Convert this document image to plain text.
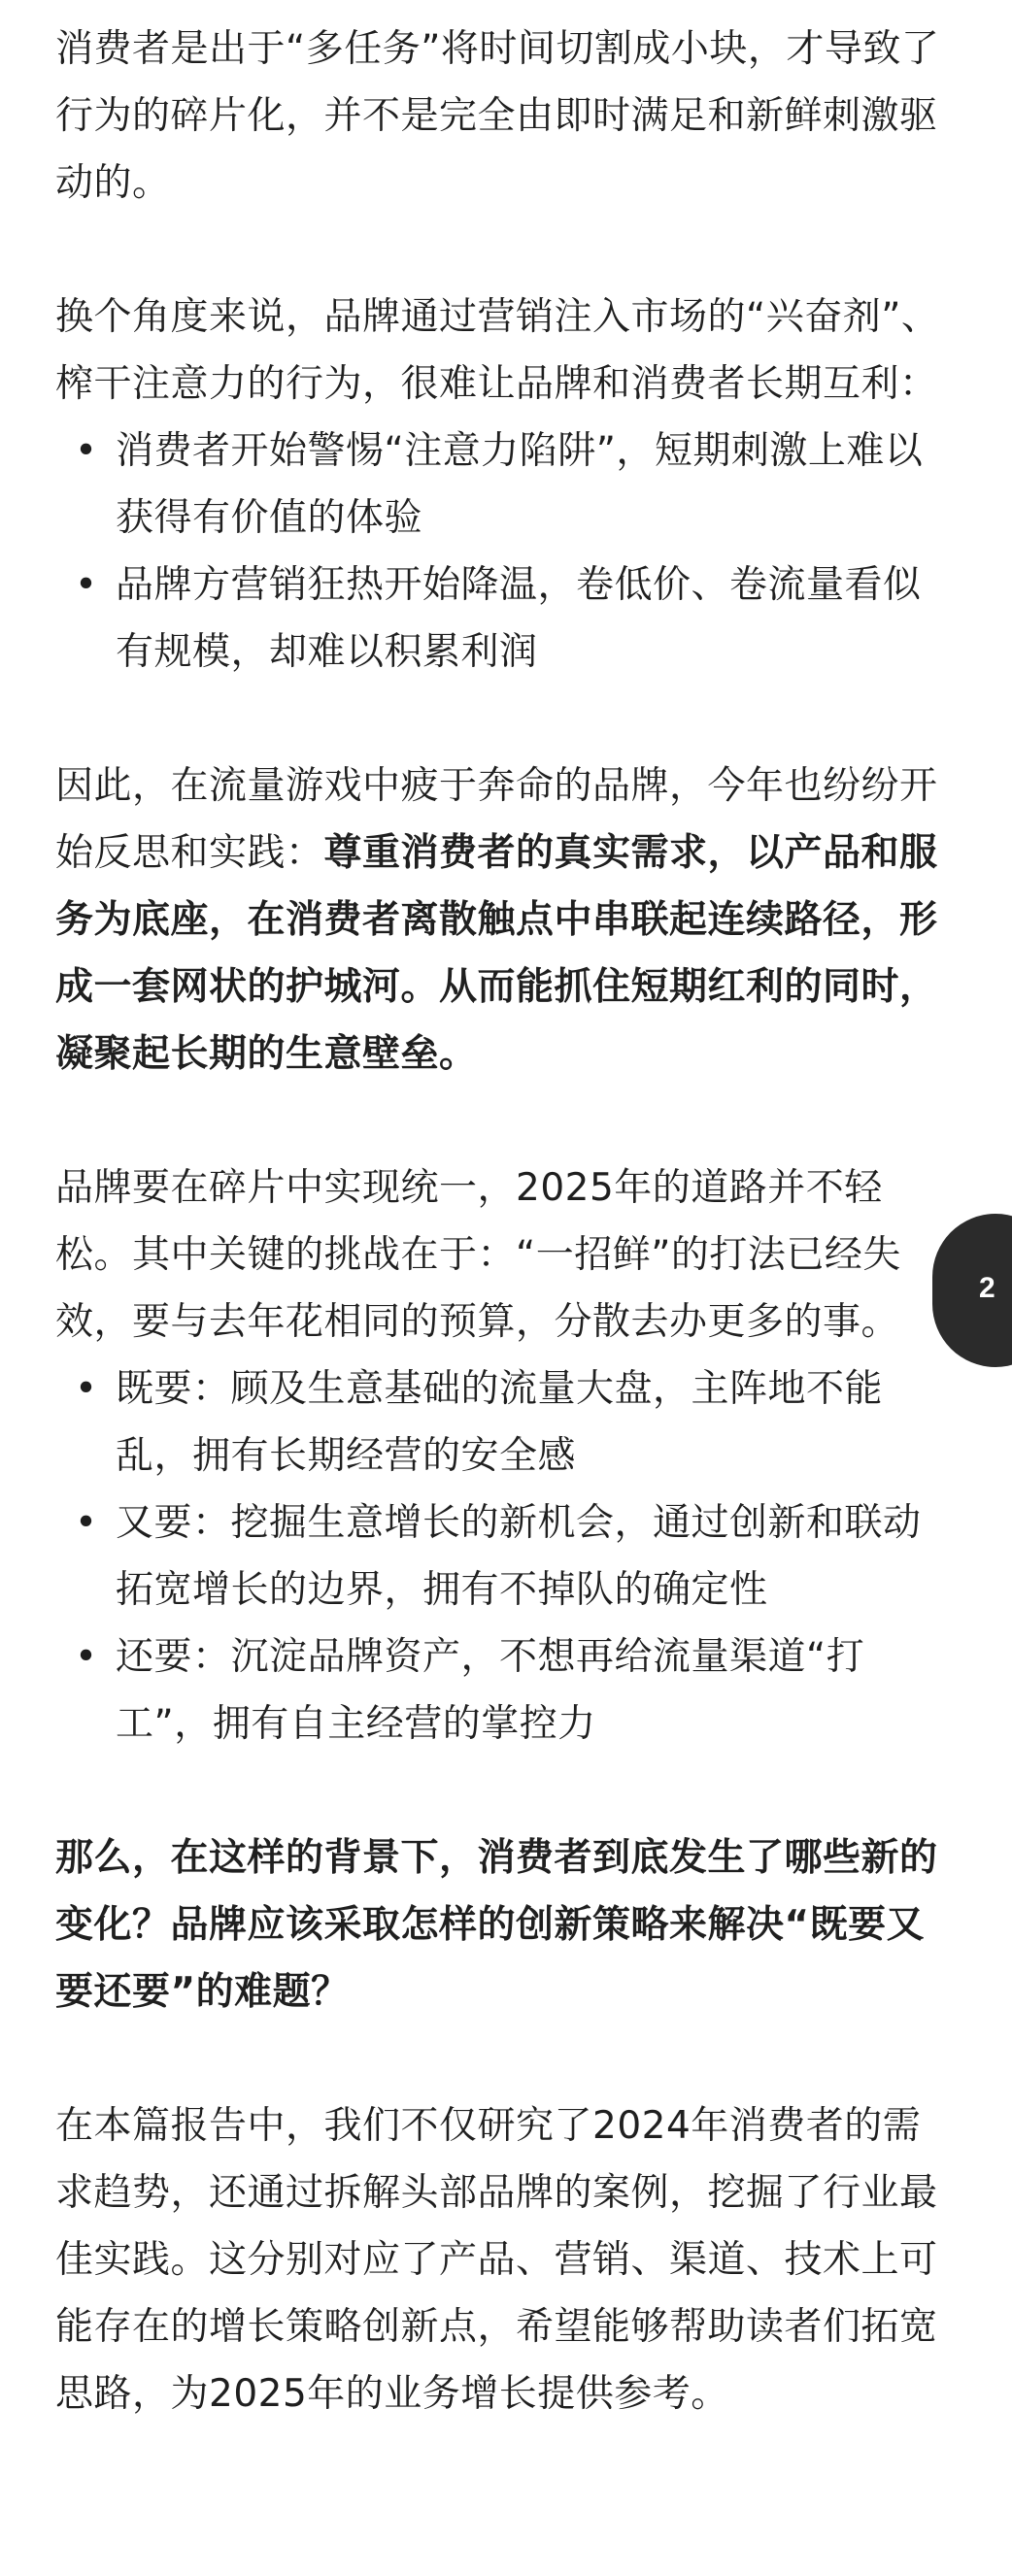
消费者是出于“多任务”将时间切割成小块，才导致了行为的碎片化，并不是完全由即时满足和新鲜刺激驱动的。

换个角度来说，品牌通过营销注入市场的“兴奋剂”、榨干注意力的行为，很难让品牌和消费者长期互利：

• 消费者开始警惕“注意力陷阱”，短期刺激上难以获得有价值的体验
• 品牌方营销狂热开始降温，卷低价、卷流量看似有规模，却难以积累利润

因此，在流量游戏中疲于奔命的品牌，今年也纷纷开始反思和实践：尊重消费者的真实需求，以产品和服务为底座，在消费者离散触点中串联起连续路径，形成一套网状的护城河。从而能抓住短期红利的同时，凝聚起长期的生意壁垒。

品牌要在碎片中实现统一，2025年的道路并不轻松。其中关键的挑战在于：“一招鲜”的打法已经失效，要与去年花相同的预算，分散去办更多的事。

• 既要：顾及生意基础的流量大盘，主阵地不能乱，拥有长期经营的安全感
• 又要：挖掘生意增长的新机会，通过创新和联动拓宽增长的边界，拥有不掉队的确定性
• 还要：沉淀品牌资产，不想再给流量渠道“打工”，拥有自主经营的掌控力

那么，在这样的背景下，消费者到底发生了哪些新的变化？品牌应该采取怎样的创新策略来解决“既要又要还要”的难题？

在本篇报告中，我们不仅研究了2024年消费者的需求趋势，还通过拆解头部品牌的案例，挖掘了行业最佳实践。这分别对应了产品、营销、渠道、技术上可能存在的增长策略创新点，希望能够帮助读者们拓宽思路，为2025年的业务增长提供参考。

2
